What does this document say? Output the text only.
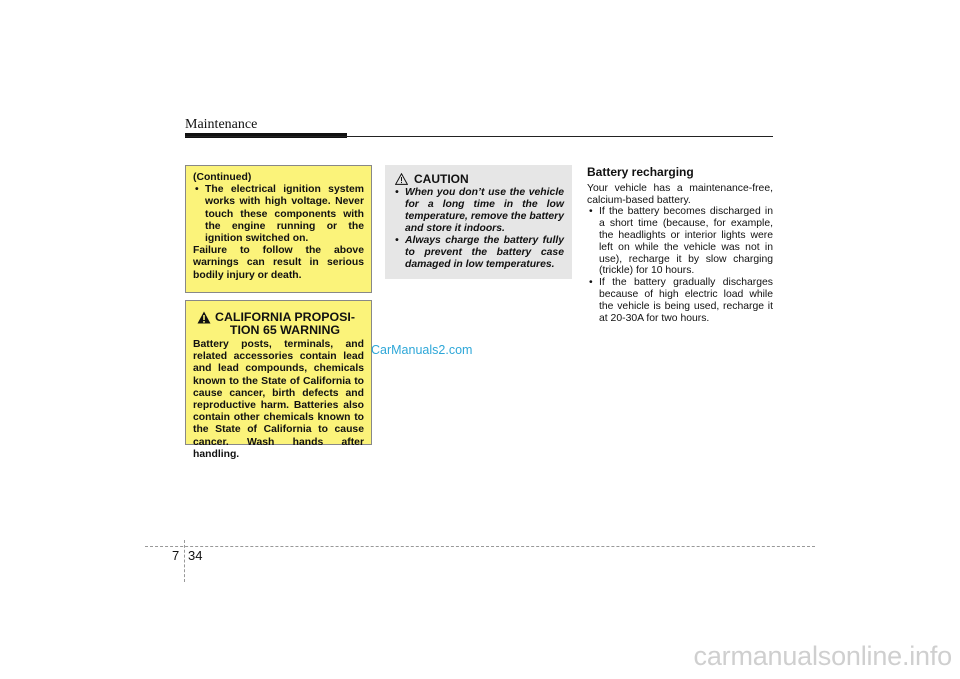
Maintenance

(Continued)

• The electrical ignition system works with high voltage. Never touch these components with the engine running or the ignition switched on.

Failure to follow the above warnings can result in serious bodily injury or death.

CALIFORNIA PROPOSI-
TION 65 WARNING

Battery posts, terminals, and related accessories contain lead and lead compounds, chemicals known to the State of California to cause cancer, birth defects and reproductive harm. Batteries also contain other chemicals known to the State of California to cause cancer. Wash hands after handling.

CAUTION
• When you don’t use the vehicle for a long time in the low temperature, remove the battery and store it indoors.
• Always charge the battery fully to prevent the battery case damaged in low temperatures.
Battery recharging

Your vehicle has a maintenance-free, calcium-based battery.

• If the battery becomes discharged in a short time (because, for example, the headlights or interior lights were left on while the vehicle was not in use), recharge it by slow charging (trickle) for 10 hours.
• If the battery gradually discharges because of high electric load while the vehicle is being used, recharge it at 20-30A for two hours.
CarManuals2.com
7 34
carmanualsonline.info
